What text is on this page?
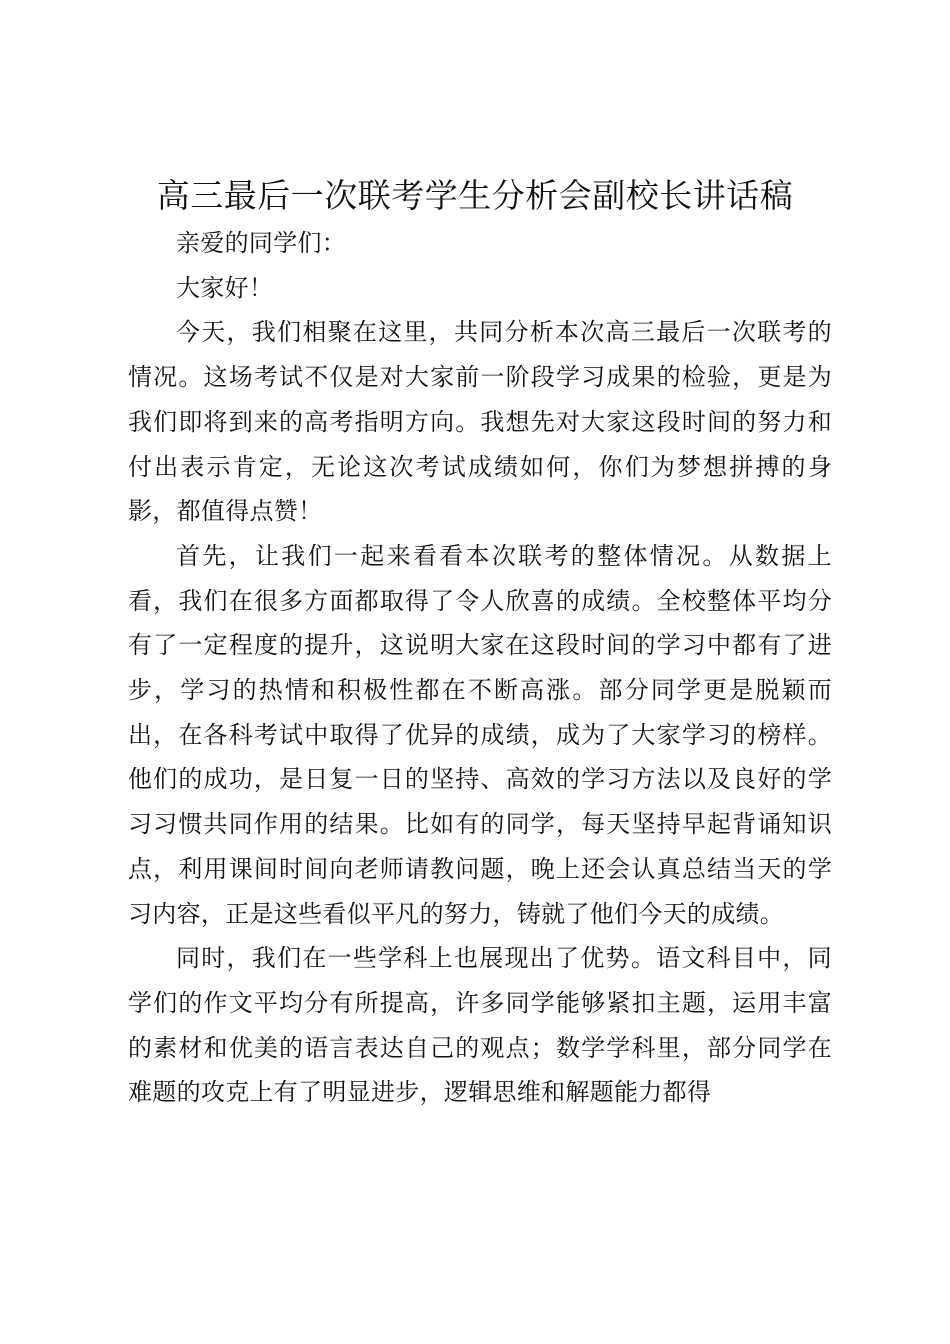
高三最后一次联考学生分析会副校长讲话稿

亲爱的同学们：

大家好！

今天，我们相聚在这里，共同分析本次高三最后一次联考的情况。这场考试不仅是对大家前一阶段学习成果的检验，更是为我们即将到来的高考指明方向。我想先对大家这段时间的努力和付出表示肯定，无论这次考试成绩如何，你们为梦想拼搏的身影，都值得点赞！

首先，让我们一起来看看本次联考的整体情况。从数据上看，我们在很多方面都取得了令人欣喜的成绩。全校整体平均分有了一定程度的提升，这说明大家在这段时间的学习中都有了进步，学习的热情和积极性都在不断高涨。部分同学更是脱颖而出，在各科考试中取得了优异的成绩，成为了大家学习的榜样。他们的成功，是日复一日的坚持、高效的学习方法以及良好的学习习惯共同作用的结果。比如有的同学，每天坚持早起背诵知识点，利用课间时间向老师请教问题，晚上还会认真总结当天的学习内容，正是这些看似平凡的努力，铸就了他们今天的成绩。

同时，我们在一些学科上也展现出了优势。语文科目中，同学们的作文平均分有所提高，许多同学能够紧扣主题，运用丰富的素材和优美的语言表达自己的观点；数学学科里，部分同学在难题的攻克上有了明显进步，逻辑思维和解题能力都得
